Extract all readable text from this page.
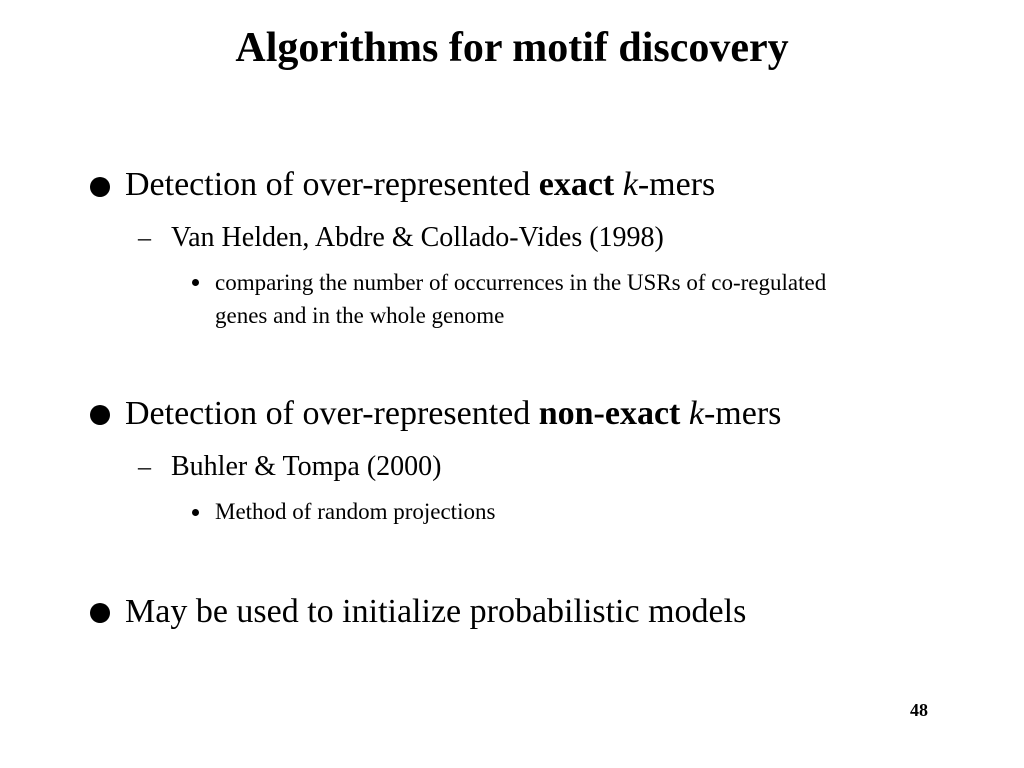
Algorithms for motif discovery
Detection of over-represented exact k-mers
– Van Helden, Abdre & Collado-Vides (1998)
comparing the number of occurrences in the USRs of co-regulated genes and in the whole genome
Detection of over-represented non-exact k-mers
– Buhler & Tompa (2000)
Method of random projections
May be used to initialize probabilistic models
48
